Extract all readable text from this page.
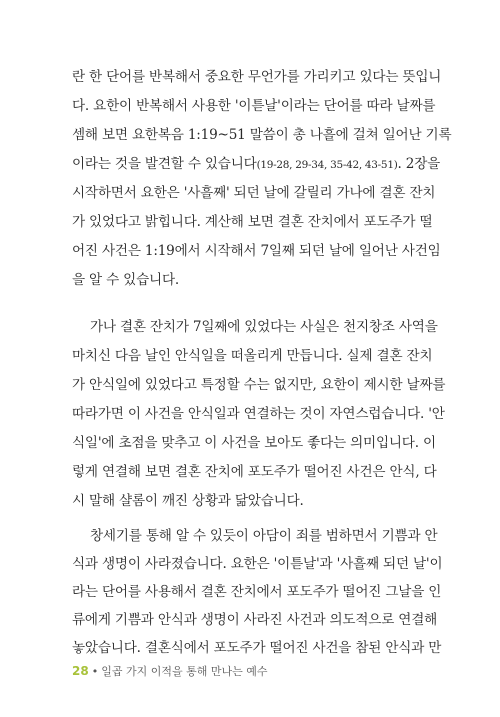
란 한 단어를 반복해서 중요한 무언가를 가리키고 있다는 뜻입니
다. 요한이 반복해서 사용한 '이튿날'이라는 단어를 따라 날짜를
셈해 보면 요한복음 1:19~51 말씀이 총 나흘에 걸쳐 일어난 기록
이라는 것을 발견할 수 있습니다(19-28, 29-34, 35-42, 43-51). 2장을
시작하면서 요한은 '사흘째' 되던 날에 갈릴리 가나에 결혼 잔치
가 있었다고 밝힙니다. 계산해 보면 결혼 잔치에서 포도주가 떨
어진 사건은 1:19에서 시작해서 7일째 되던 날에 일어난 사건임
을 알 수 있습니다.
가나 결혼 잔치가 7일째에 있었다는 사실은 천지창조 사역을
마치신 다음 날인 안식일을 떠올리게 만듭니다. 실제 결혼 잔치
가 안식일에 있었다고 특정할 수는 없지만, 요한이 제시한 날짜를
따라가면 이 사건을 안식일과 연결하는 것이 자연스럽습니다. '안
식일'에 초점을 맞추고 이 사건을 보아도 좋다는 의미입니다. 이
렇게 연결해 보면 결혼 잔치에 포도주가 떨어진 사건은 안식, 다
시 말해 샬롬이 깨진 상황과 닮았습니다.
28 • 일곱 가지 이적을 통해 만나는 예수
창세기를 통해 알 수 있듯이 아담이 죄를 범하면서 기쁨과 안
식과 생명이 사라졌습니다. 요한은 '이튿날'과 '사흘째 되던 날'이
라는 단어를 사용해서 결혼 잔치에서 포도주가 떨어진 그날을 인
류에게 기쁨과 안식과 생명이 사라진 사건과 의도적으로 연결해
놓았습니다. 결혼식에서 포도주가 떨어진 사건을 참된 안식과 만
